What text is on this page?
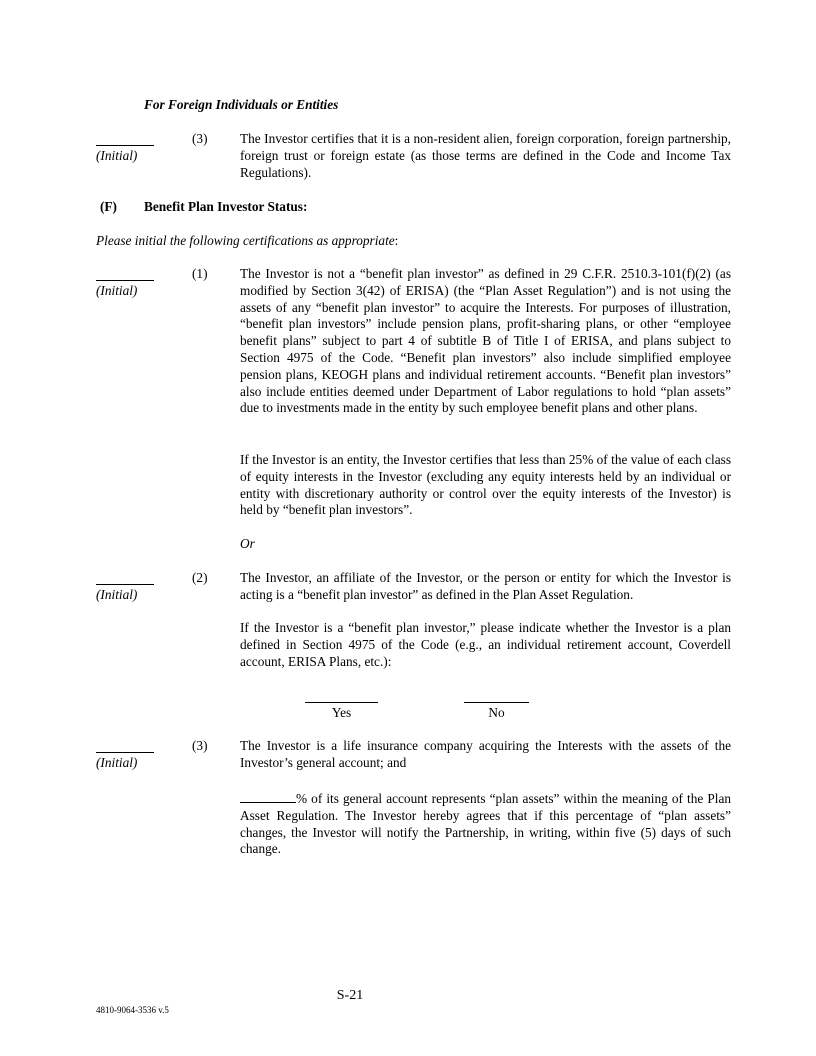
For Foreign Individuals or Entities
(Initial)
(3) The Investor certifies that it is a non-resident alien, foreign corporation, foreign partnership, foreign trust or foreign estate (as those terms are defined in the Code and Income Tax Regulations).
(F) Benefit Plan Investor Status:
Please initial the following certifications as appropriate:
(Initial)
(1) The Investor is not a “benefit plan investor” as defined in 29 C.F.R. 2510.3-101(f)(2) (as modified by Section 3(42) of ERISA) (the “Plan Asset Regulation”) and is not using the assets of any “benefit plan investor” to acquire the Interests. For purposes of illustration, “benefit plan investors” include pension plans, profit-sharing plans, or other “employee benefit plans” subject to part 4 of subtitle B of Title I of ERISA, and plans subject to Section 4975 of the Code. “Benefit plan investors” also include simplified employee pension plans, KEOGH plans and individual retirement accounts. “Benefit plan investors” also include entities deemed under Department of Labor regulations to hold “plan assets” due to investments made in the entity by such employee benefit plans and other plans.
If the Investor is an entity, the Investor certifies that less than 25% of the value of each class of equity interests in the Investor (excluding any equity interests held by an individual or entity with discretionary authority or control over the equity interests of the Investor) is held by “benefit plan investors”.
Or
(Initial)
(2) The Investor, an affiliate of the Investor, or the person or entity for which the Investor is acting is a “benefit plan investor” as defined in the Plan Asset Regulation.
If the Investor is a “benefit plan investor,” please indicate whether the Investor is a plan defined in Section 4975 of the Code (e.g., an individual retirement account, Coverdell account, ERISA Plans, etc.):
Yes	No
(Initial)
(3) The Investor is a life insurance company acquiring the Interests with the assets of the Investor’s general account; and
% of its general account represents “plan assets” within the meaning of the Plan Asset Regulation. The Investor hereby agrees that if this percentage of “plan assets” changes, the Investor will notify the Partnership, in writing, within five (5) days of such change.
S-21
4810-9064-3536 v.5
